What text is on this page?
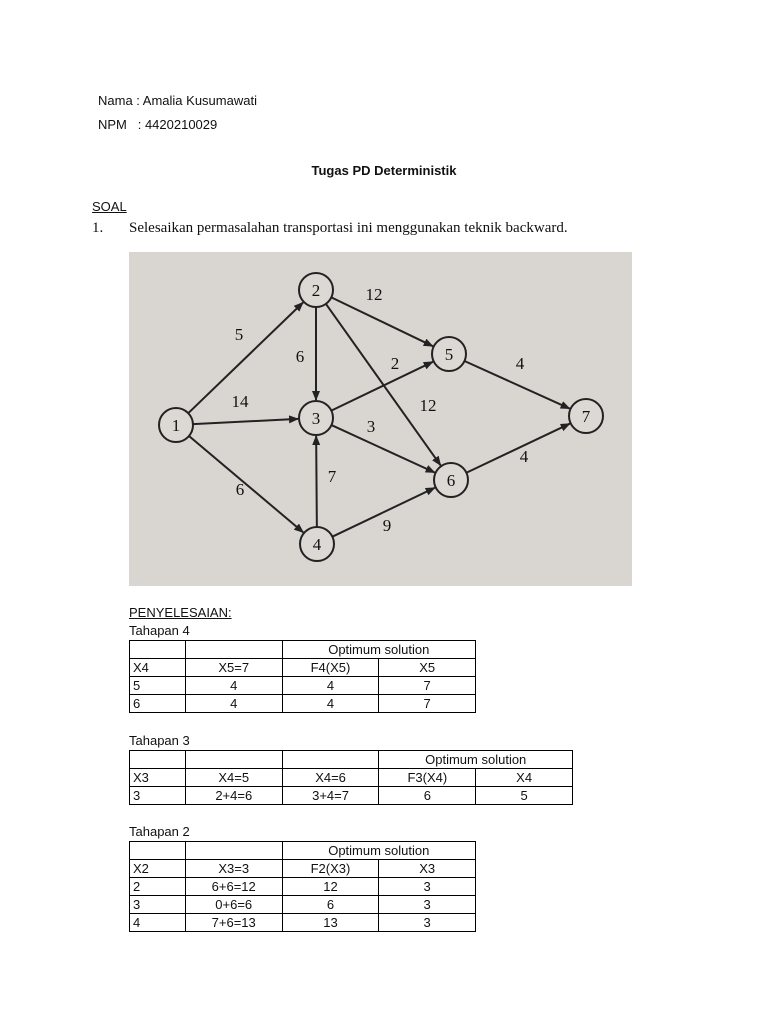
Nama : Amalia Kusumawati
NPM   : 4420210029
Tugas PD Deterministik
SOAL
1. Selesaikan permasalahan transportasi ini menggunakan teknik backward.
1
2
3
4
5
6
7
5
14
6
6
12
12
2
3
7
9
4
4
PENYELESAIAN:
Tahapan 4
		Optimum solution	
X4	X5=7	F4(X5)	X5
5	4	4	7
6	4	4	7
Tahapan 3
			Optimum solution	
X3	X4=5	X4=6	F3(X4)	X4
3	2+4=6	3+4=7	6	5
Tahapan 2
		Optimum solution	
X2	X3=3	F2(X3)	X3
2	6+6=12	12	3
3	0+6=6	6	3
4	7+6=13	13	3
